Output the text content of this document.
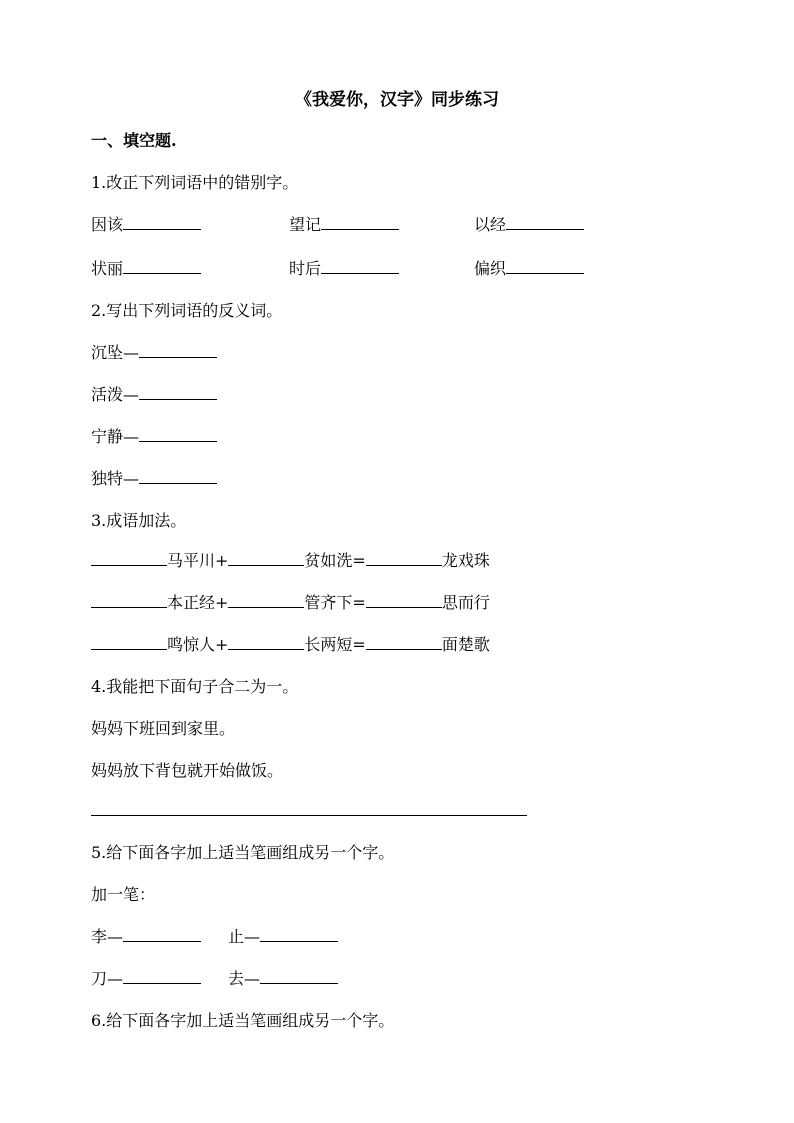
《我爱你，汉字》同步练习
一、填空题.
1.改正下列词语中的错别字。
因该	望记	以经
状丽	时后	偏织
2.写出下列词语的反义词。
沉坠—
活泼—
宁静—
独特—
3.成语加法。
马平川+	贫如洗=	龙戏珠
本正经+	管齐下=	思而行
鸣惊人+	长两短=	面楚歌
4.我能把下面句子合二为一。
妈妈下班回到家里。
妈妈放下背包就开始做饭。
5.给下面各字加上适当笔画组成另一个字。
加一笔：
李—	止—
刀—	去—
6.给下面各字加上适当笔画组成另一个字。
